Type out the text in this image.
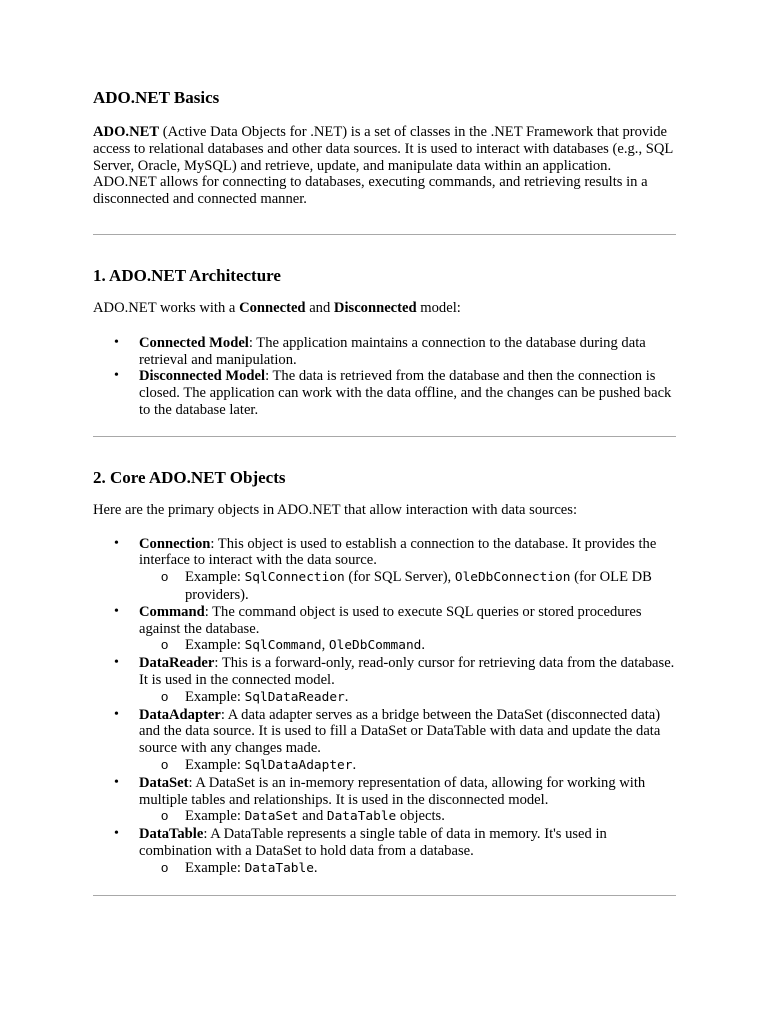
ADO.NET Basics

ADO.NET (Active Data Objects for .NET) is a set of classes in the .NET Framework that provide access to relational databases and other data sources. It is used to interact with databases (e.g., SQL Server, Oracle, MySQL) and retrieve, update, and manipulate data within an application. ADO.NET allows for connecting to databases, executing commands, and retrieving results in a disconnected and connected manner.

1. ADO.NET Architecture

ADO.NET works with a Connected and Disconnected model:

• Connected Model: The application maintains a connection to the database during data retrieval and manipulation.
• Disconnected Model: The data is retrieved from the database and then the connection is closed. The application can work with the data offline, and the changes can be pushed back to the database later.
2. Core ADO.NET Objects

Here are the primary objects in ADO.NET that allow interaction with data sources:

• Connection: This object is used to establish a connection to the database. It provides the interface to interact with the data source.
o Example: SqlConnection (for SQL Server), OleDbConnection (for OLE DB providers).
• Command: The command object is used to execute SQL queries or stored procedures against the database.
o Example: SqlCommand, OleDbCommand.
• DataReader: This is a forward-only, read-only cursor for retrieving data from the database. It is used in the connected model.
o Example: SqlDataReader.
• DataAdapter: A data adapter serves as a bridge between the DataSet (disconnected data) and the data source. It is used to fill a DataSet or DataTable with data and update the data source with any changes made.
o Example: SqlDataAdapter.
• DataSet: A DataSet is an in-memory representation of data, allowing for working with multiple tables and relationships. It is used in the disconnected model.
o Example: DataSet and DataTable objects.
• DataTable: A DataTable represents a single table of data in memory. It's used in combination with a DataSet to hold data from a database.
o Example: DataTable.
